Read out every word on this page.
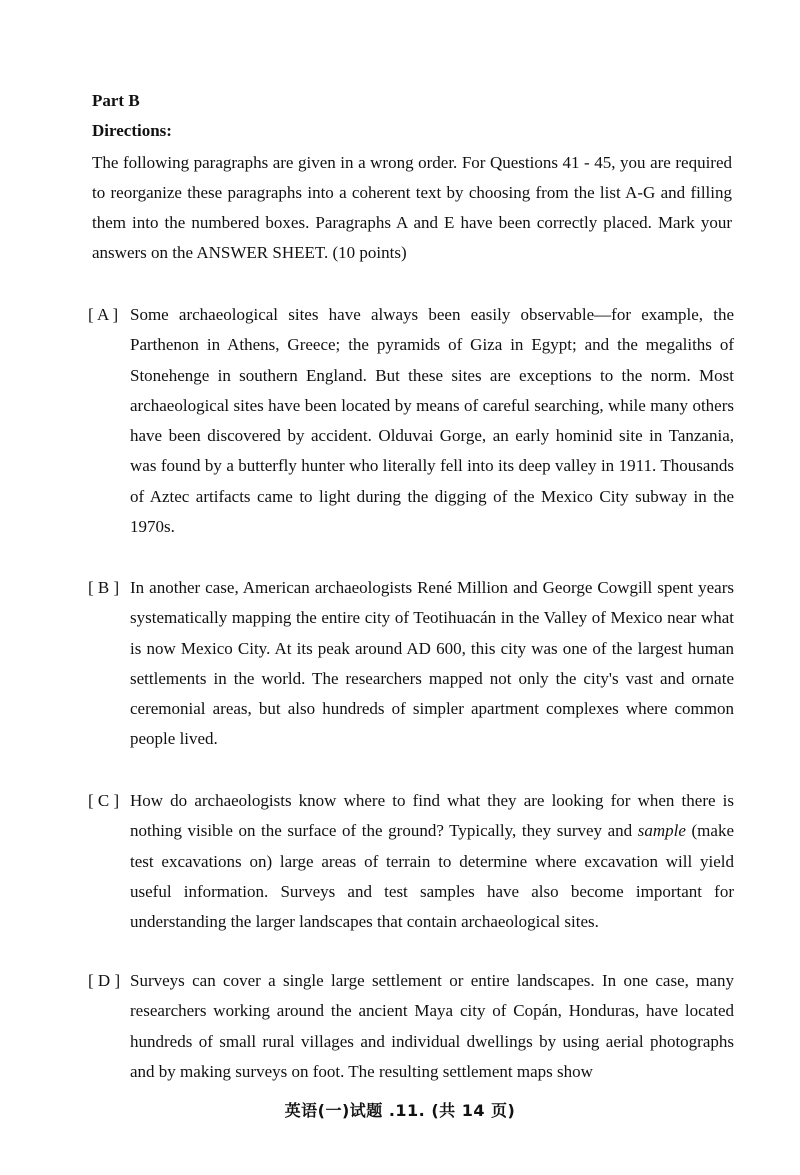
Part B
Directions:

The following paragraphs are given in a wrong order. For Questions 41 - 45, you are required to reorganize these paragraphs into a coherent text by choosing from the list A-G and filling them into the numbered boxes. Paragraphs A and E have been correctly placed. Mark your answers on the ANSWER SHEET. (10 points)

[ A ] Some archaeological sites have always been easily observable—for example, the Parthenon in Athens, Greece; the pyramids of Giza in Egypt; and the megaliths of Stonehenge in southern England. But these sites are exceptions to the norm. Most archaeological sites have been located by means of careful searching, while many others have been discovered by accident. Olduvai Gorge, an early hominid site in Tanzania, was found by a butterfly hunter who literally fell into its deep valley in 1911. Thousands of Aztec artifacts came to light during the digging of the Mexico City subway in the 1970s.

[ B ] In another case, American archaeologists René Million and George Cowgill spent years systematically mapping the entire city of Teotihuacán in the Valley of Mexico near what is now Mexico City. At its peak around AD 600, this city was one of the largest human settlements in the world. The researchers mapped not only the city's vast and ornate ceremonial areas, but also hundreds of simpler apartment complexes where common people lived.

[ C ] How do archaeologists know where to find what they are looking for when there is nothing visible on the surface of the ground? Typically, they survey and sample (make test excavations on) large areas of terrain to determine where excavation will yield useful information. Surveys and test samples have also become important for understanding the larger landscapes that contain archaeological sites.

[ D ] Surveys can cover a single large settlement or entire landscapes. In one case, many researchers working around the ancient Maya city of Copán, Honduras, have located hundreds of small rural villages and individual dwellings by using aerial photographs and by making surveys on foot. The resulting settlement maps show

英语(一)试题 .11. (共 14 页)
